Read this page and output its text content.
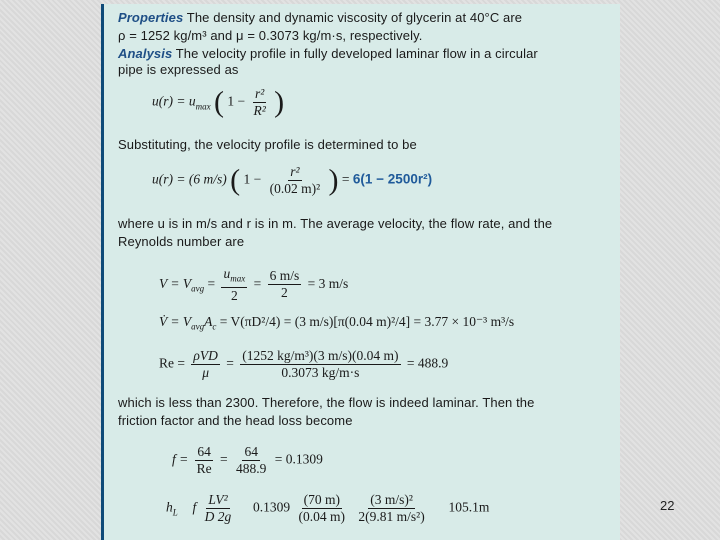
Properties The density and dynamic viscosity of glycerin at 40°C are
ρ = 1252 kg/m³ and μ = 0.3073 kg/m·s, respectively.
Analysis The velocity profile in fully developed laminar flow in a circular
pipe is expressed as
$u(r) = u_{max}$ ( $1 - \frac{\text{r²}}{\text{R²}}$ )
Substituting, the velocity profile is determined to be
u(r) = (6 m/s) ( $1 - \frac{\text{r²}}{\text{(0.02 m)²}}$ ) = 6(1 − 2500r²)
where u is in m/s and r is in m. The average velocity, the flow rate, and the
Reynolds number are
$V = V_{avg} = \frac{u_{max}}{2} = \frac{6 m/s}{2} = 3$ m/s
V̇ = $V_{avg}A_c = V(\pi D^2/4) = (3$ m/s)[π(0.04 m)²/4] = 3.77 × 10⁻³ m³/s
$Re = \frac{\text{ρVD}}{\mu} = \frac{\text{(1252 kg/m³)(3 m/s)(0.04 m)}}{0.3073 kg/m\cdot s} = 488.9$
which is less than 2300. Therefore, the flow is indeed laminar. Then the
friction factor and the head loss become
$f = \frac{64}{Re} = \frac{64}{488.9} = 0.1309$
$h_L$ f $\frac{\text{LV²}}{D 2g} 0.1309 \frac{(70 m)}{(0.04 m)}$
$\frac{\text{(3 m/s)²}}{\text{2(9.81 m/s²)}} 105.1m$	22
